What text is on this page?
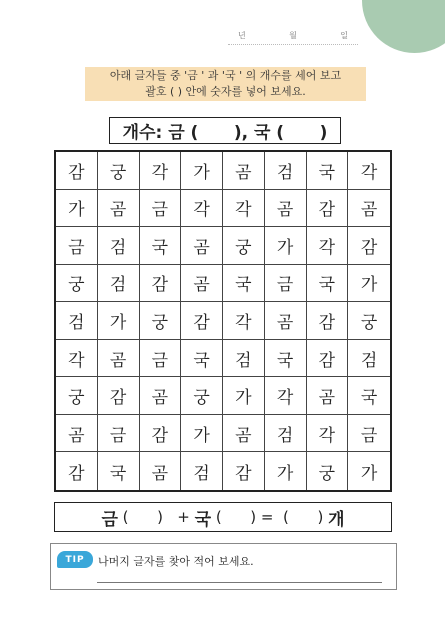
년	월	일
아래 글자들 중 '금 ' 과 '국 ' 의 개수를 세어 보고
괄호 ( ) 안에 숫자를 넣어 보세요.
개수: 금 (      ), 국 (      )
감	궁	각	가	곰	검	국	각
가	곰	금	각	각	곰	감	곰
금	검	국	곰	궁	가	각	감
궁	검	감	곰	국	금	국	가
검	가	궁	감	각	곰	감	궁
각	곰	금	국	검	국	감	검
궁	감	곰	궁	가	각	곰	국
곰	금	감	가	곰	검	각	금
감	국	곰	검	감	가	궁	가
금 (      )   + 국 (      ) =  (      ) 개
TIP 나머지 글자를 찾아 적어 보세요.
